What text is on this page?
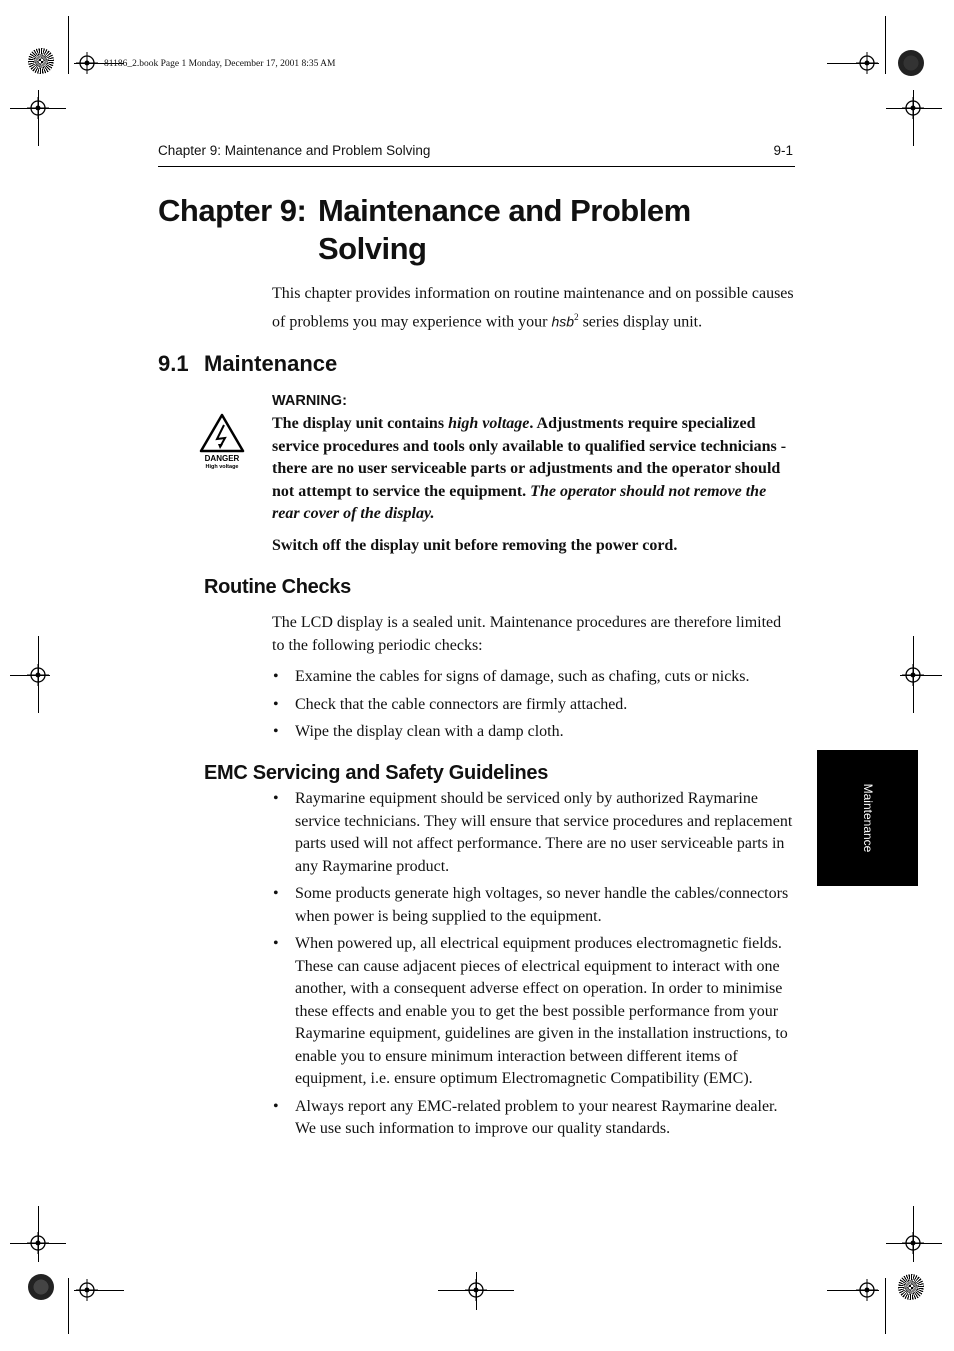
81186_2.book Page 1 Monday, December 17, 2001 8:35 AM
Chapter 9: Maintenance and Problem Solving	9-1
Chapter 9: Maintenance and Problem
Solving

This chapter provides information on routine maintenance and on possible causes of problems you may experience with your hsb$^2$ series display unit.

9.1 Maintenance
WARNING:
DANGER
High voltage

The display unit contains high voltage. Adjustments require specialized service procedures and tools only available to qualified service technicians - there are no user serviceable parts or adjustments and the operator should not attempt to service the equipment. The operator should not remove the rear cover of the display.

Switch off the display unit before removing the power cord.

Routine Checks

The LCD display is a sealed unit. Maintenance procedures are therefore limited to the following periodic checks:

• Examine the cables for signs of damage, such as chafing, cuts or nicks.
• Check that the cable connectors are firmly attached.
• Wipe the display clean with a damp cloth.
EMC Servicing and Safety Guidelines
• Raymarine equipment should be serviced only by authorized Raymarine service technicians. They will ensure that service procedures and replacement parts used will not affect performance. There are no user serviceable parts in any Raymarine product.
• Some products generate high voltages, so never handle the cables/connectors when power is being supplied to the equipment.
• When powered up, all electrical equipment produces electromagnetic fields. These can cause adjacent pieces of electrical equipment to interact with one another, with a consequent adverse effect on operation. In order to minimise these effects and enable you to get the best possible performance from your Raymarine equipment, guidelines are given in the installation instructions, to enable you to ensure minimum interaction between different items of equipment, i.e. ensure optimum Electromagnetic Compatibility (EMC).
• Always report any EMC-related problem to your nearest Raymarine dealer. We use such information to improve our quality standards.
Maintenance
